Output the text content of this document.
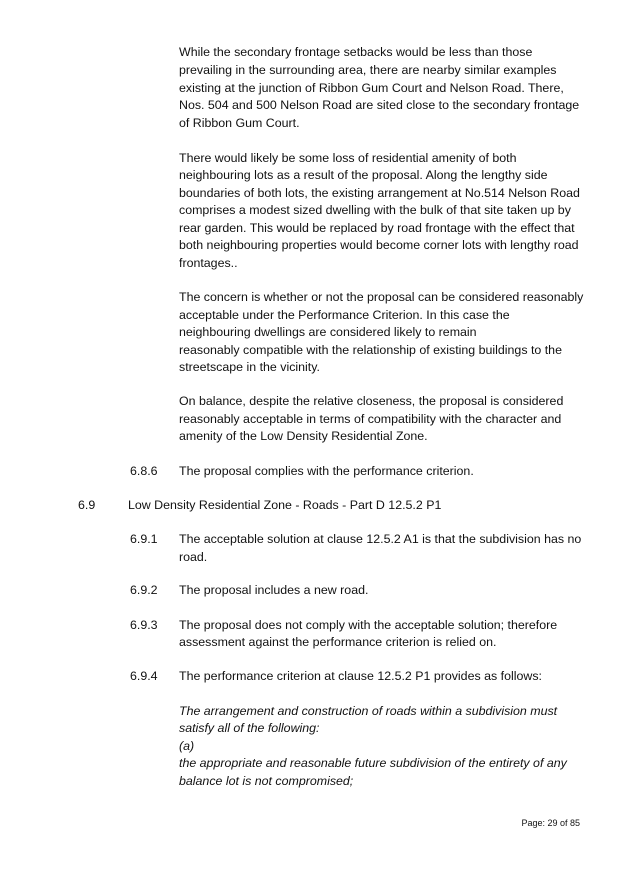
While the secondary frontage setbacks would be less than those
prevailing in the surrounding area, there are nearby similar examples
existing at the junction of Ribbon Gum Court and Nelson Road. There,
Nos. 504 and 500 Nelson Road are sited close to the secondary frontage
of Ribbon Gum Court.
There would likely be some loss of residential amenity of both
neighbouring lots as a result of the proposal. Along the lengthy side
boundaries of both lots, the existing arrangement at No.514 Nelson Road
comprises a modest sized dwelling with the bulk of that site taken up by
rear garden. This would be replaced by road frontage with the effect that
both neighbouring properties would become corner lots with lengthy road
frontages..
The concern is whether or not the proposal can be considered reasonably
acceptable under the Performance Criterion. In this case the
neighbouring dwellings are considered likely to remain
reasonably compatible with the relationship of existing buildings to the
streetscape in the vicinity.
On balance, despite the relative closeness, the proposal is considered
reasonably acceptable in terms of compatibility with the character and
amenity of the Low Density Residential Zone.
6.8.6 The proposal complies with the performance criterion.
6.9	Low Density Residential Zone - Roads - Part D 12.5.2 P1
6.9.1 The acceptable solution at clause 12.5.2 A1 is that the subdivision has no
road.
6.9.2 The proposal includes a new road.
6.9.3 The proposal does not comply with the acceptable solution; therefore
assessment against the performance criterion is relied on.
6.9.4 The performance criterion at clause 12.5.2 P1 provides as follows:
The arrangement and construction of roads within a subdivision must
satisfy all of the following:
(a)
the appropriate and reasonable future subdivision of the entirety of any
balance lot is not compromised;
Page: 29 of 85
